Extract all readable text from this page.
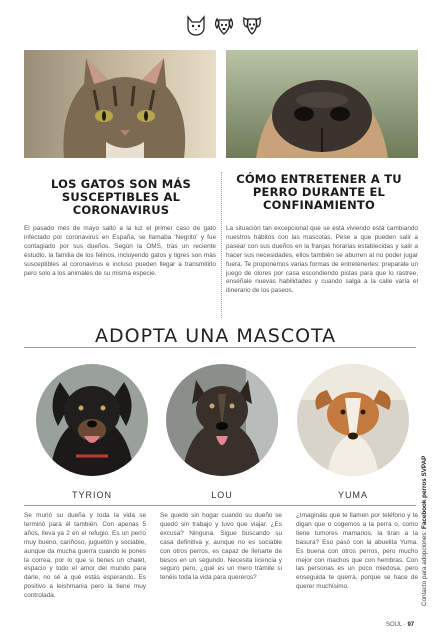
LOS GATOS SON MÁS SUSCEPTIBLES AL CORONAVIRUS
El pasado mes de mayo saltó a la luz el primer caso de gato infectado por coronavirus en España, se llamaba 'Negrito' y fue contagiado por sus dueños. Según la OMS, tras un reciente estudio, la familia de los felinos, incluyendo gatos y tigres son más susceptibles al coronavirus e incluso pueden llegar a transmitirlo pero solo a los animales de su misma especie.
CÓMO ENTRETENER A TU PERRO DURANTE EL CONFINAMIENTO
La situación tan excepcional que se está viviendo está cambiando nuestros hábitos con las mascotas. Pese a que pueden salir a pasear con sus dueños en la franjas horarias establecidas y salir a hacer sus necesidades, ellos también se aburren al no poder jugar fuera. Te proponemos varias formas de entretenerles: preparale un juego de olores por casa escondiendo pistas para que lo rastree, enséñale nuevas habilidades y cuando salga a la calle varía el itinerario de los paseos.
ADOPTA UNA MASCOTA
TYRION	LOU	YUMA
Se murió su dueña y toda la vida se terminó para él también. Con apenas 5 años, lleva ya 2 en el refugio. Es un perro muy bueno, cariñoso, juguetón y sociable, aunque da mucha guerra cuando le pones la correa, por lo que si tienes un chalet, espacio y todo el amor del mundo para darle, no sé a qué estás esperando. Es positivo a leishmania pero la tiene muy controlada.
Se quedó sin hogar cuando su dueño se quedó sin trabajo y tuvo que viajar. ¿Es excusa? Ninguna. Sigue buscando su casa definitiva y, aunque no es sociable con otros perros, es capaz de llenarte de besos en un segundo. Necesita licencia y seguro pero, ¿qué es un mero trámite si tenéis toda la vida para quereros?
¿Imagináis que te llamen por teléfono y te digan que o cogemos a la perra o, como tiene tumores mamarios, la tiran a la basura? Eso pasó con la abuelita Yuma. Es buena con otros perros, pero mucho mejor con machos que con hembras. Con las personas es un poco miedosa, pero enseguida te querrá, porque se hace de querer muchísimo.	Contacto para adopciones: Facebook perros SVPAP
SOUL · 97
